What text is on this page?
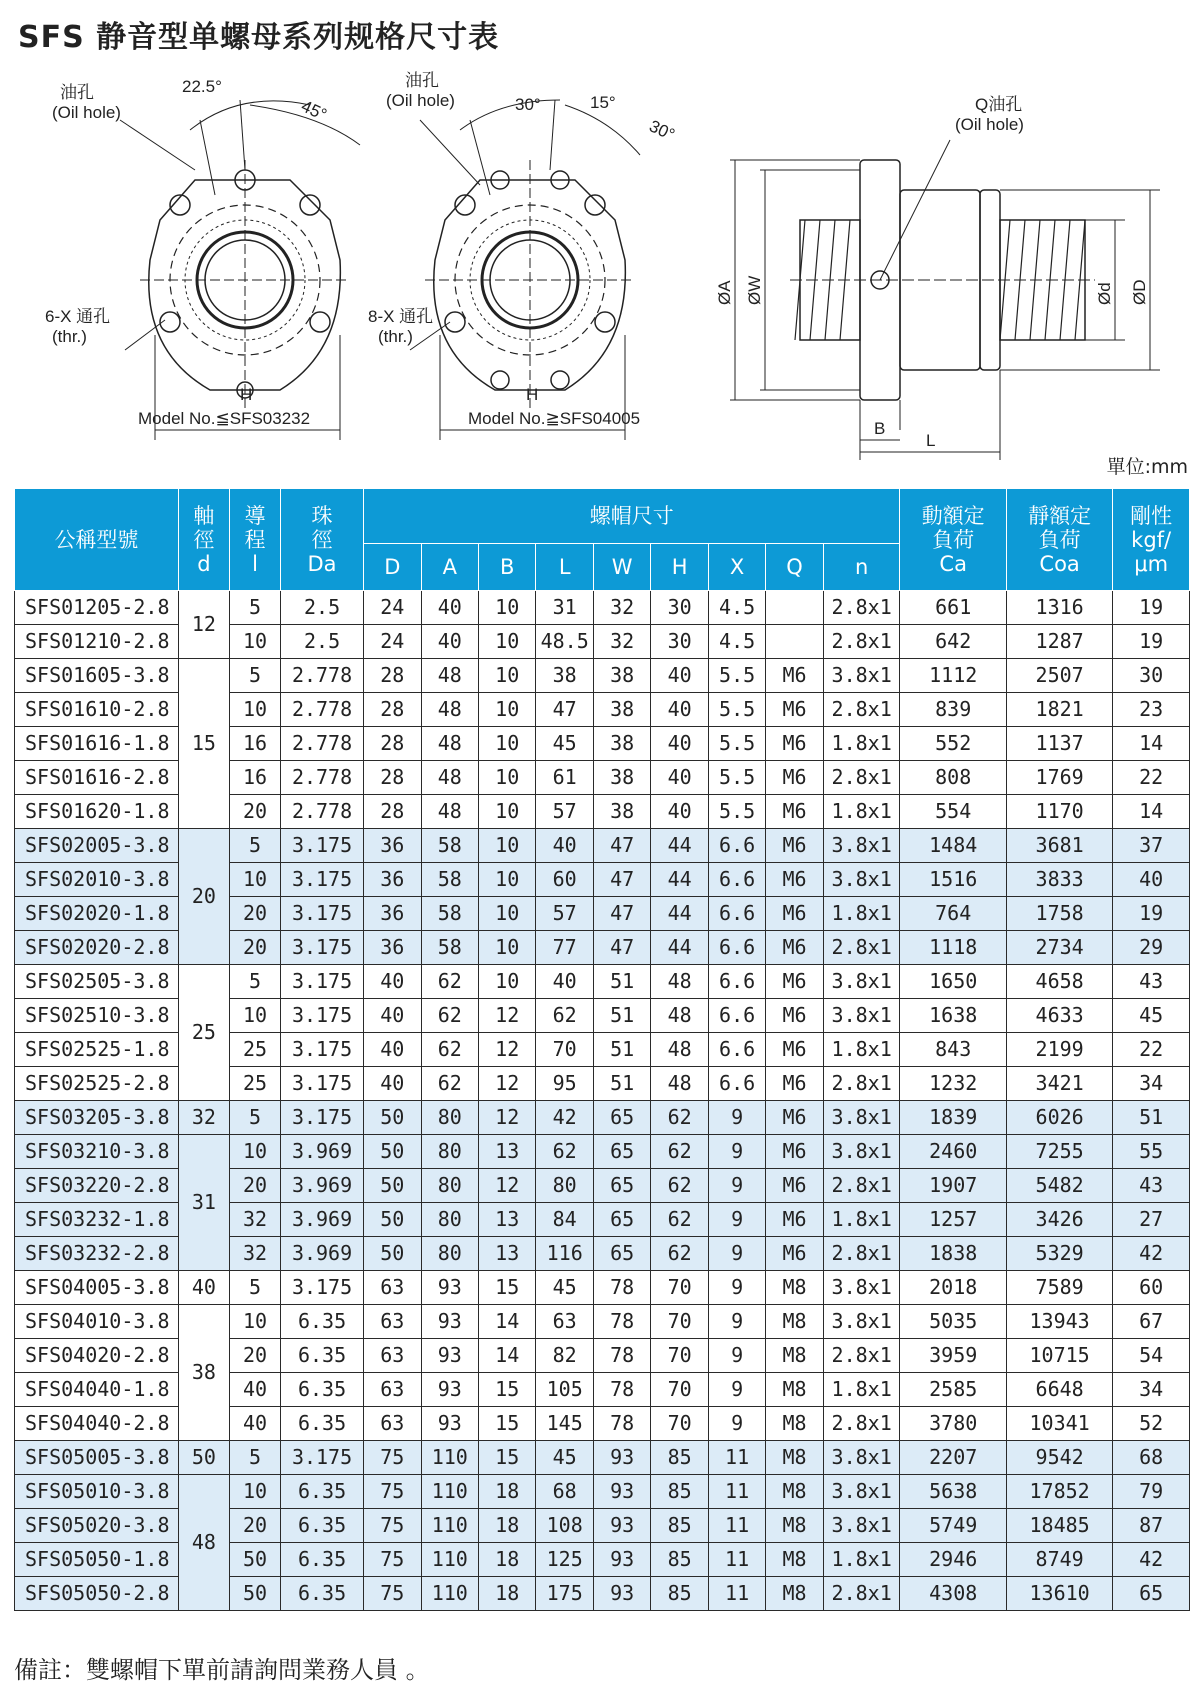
SFS 静音型单螺母系列规格尺寸表
油孔
(Oil hole)
22.5°
45°
6-X 通孔
(thr.)
H
Model No.≦SFS03232
油孔
(Oil hole)	30°	15°
30°
8-X 通孔
(thr.)
H
Model No.≧SFS04005
Q油孔
(Oil hole)
ØA ØW	Ød ØD
B
L
單位:mm
公稱型號	軸
徑
d	導
程
l	珠
徑
Da	螺帽尺寸									動額定
負荷
Ca	靜額定
負荷
Coa	剛性
kgf/
μm
				D	A	B	L	W	H	X	Q	n			
SFS01205-2.8	12	5	2.5	24	40	10	31	32	30	4.5		2.8x1	661	1316	19
SFS01210-2.8		10	2.5	24	40	10	48.5	32	30	4.5		2.8x1	642	1287	19
SFS01605-3.8	15	5	2.778	28	48	10	38	38	40	5.5	M6	3.8x1	1112	2507	30
SFS01610-2.8		10	2.778	28	48	10	47	38	40	5.5	M6	2.8x1	839	1821	23
SFS01616-1.8		16	2.778	28	48	10	45	38	40	5.5	M6	1.8x1	552	1137	14
SFS01616-2.8		16	2.778	28	48	10	61	38	40	5.5	M6	2.8x1	808	1769	22
SFS01620-1.8		20	2.778	28	48	10	57	38	40	5.5	M6	1.8x1	554	1170	14
SFS02005-3.8	20	5	3.175	36	58	10	40	47	44	6.6	M6	3.8x1	1484	3681	37
SFS02010-3.8		10	3.175	36	58	10	60	47	44	6.6	M6	3.8x1	1516	3833	40
SFS02020-1.8		20	3.175	36	58	10	57	47	44	6.6	M6	1.8x1	764	1758	19
SFS02020-2.8		20	3.175	36	58	10	77	47	44	6.6	M6	2.8x1	1118	2734	29
SFS02505-3.8	25	5	3.175	40	62	10	40	51	48	6.6	M6	3.8x1	1650	4658	43
SFS02510-3.8		10	3.175	40	62	12	62	51	48	6.6	M6	3.8x1	1638	4633	45
SFS02525-1.8		25	3.175	40	62	12	70	51	48	6.6	M6	1.8x1	843	2199	22
SFS02525-2.8		25	3.175	40	62	12	95	51	48	6.6	M6	2.8x1	1232	3421	34
SFS03205-3.8	32	5	3.175	50	80	12	42	65	62	9	M6	3.8x1	1839	6026	51
SFS03210-3.8	31	10	3.969	50	80	13	62	65	62	9	M6	3.8x1	2460	7255	55
SFS03220-2.8		20	3.969	50	80	12	80	65	62	9	M6	2.8x1	1907	5482	43
SFS03232-1.8		32	3.969	50	80	13	84	65	62	9	M6	1.8x1	1257	3426	27
SFS03232-2.8		32	3.969	50	80	13	116	65	62	9	M6	2.8x1	1838	5329	42
SFS04005-3.8	40	5	3.175	63	93	15	45	78	70	9	M8	3.8x1	2018	7589	60
SFS04010-3.8	38	10	6.35	63	93	14	63	78	70	9	M8	3.8x1	5035	13943	67
SFS04020-2.8		20	6.35	63	93	14	82	78	70	9	M8	2.8x1	3959	10715	54
SFS04040-1.8		40	6.35	63	93	15	105	78	70	9	M8	1.8x1	2585	6648	34
SFS04040-2.8		40	6.35	63	93	15	145	78	70	9	M8	2.8x1	3780	10341	52
SFS05005-3.8	50	5	3.175	75	110	15	45	93	85	11	M8	3.8x1	2207	9542	68
SFS05010-3.8	48	10	6.35	75	110	18	68	93	85	11	M8	3.8x1	5638	17852	79
SFS05020-3.8		20	6.35	75	110	18	108	93	85	11	M8	3.8x1	5749	18485	87
SFS05050-1.8		50	6.35	75	110	18	125	93	85	11	M8	1.8x1	2946	8749	42
SFS05050-2.8		50	6.35	75	110	18	175	93	85	11	M8	2.8x1	4308	13610	65
備註：雙螺帽下單前請詢問業務人員 。
